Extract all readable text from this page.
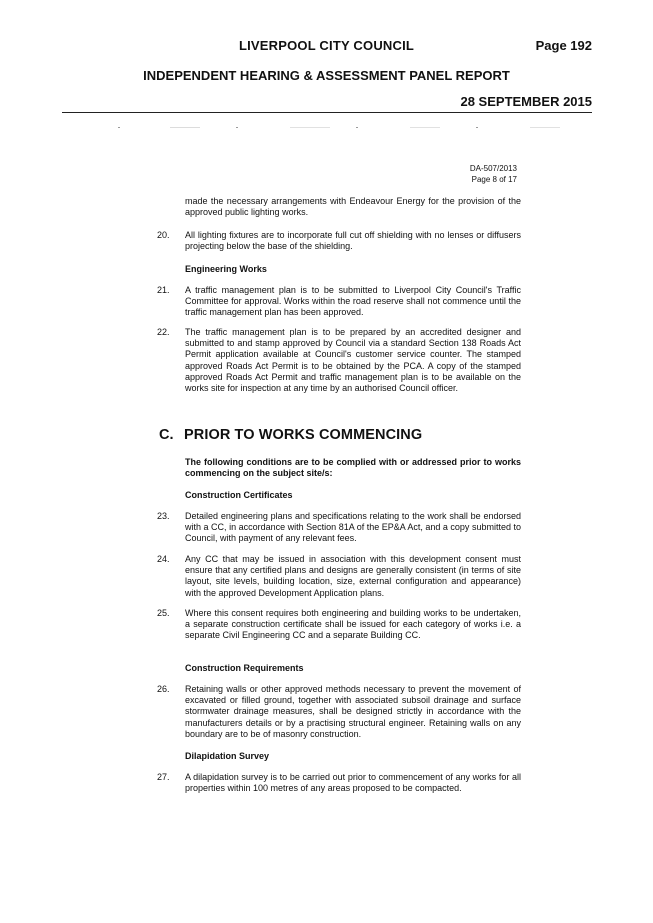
LIVERPOOL CITY COUNCIL	Page 192
INDEPENDENT HEARING & ASSESSMENT PANEL REPORT
28 SEPTEMBER 2015
DA-507/2013
Page 8 of 17
made the necessary arrangements with Endeavour Energy for the provision of the approved public lighting works.
20.	All lighting fixtures are to incorporate full cut off shielding with no lenses or diffusers projecting below the base of the shielding.
Engineering Works
21.	A traffic management plan is to be submitted to Liverpool City Council's Traffic Committee for approval. Works within the road reserve shall not commence until the traffic management plan has been approved.
22.	The traffic management plan is to be prepared by an accredited designer and submitted to and stamp approved by Council via a standard Section 138 Roads Act Permit application available at Council's customer service counter. The stamped approved Roads Act Permit is to be obtained by the PCA. A copy of the stamped approved Roads Act Permit and traffic management plan is to be available on the works site for inspection at any time by an authorised Council officer.
C. PRIOR TO WORKS COMMENCING
The following conditions are to be complied with or addressed prior to works commencing on the subject site/s:
Construction Certificates
23.	Detailed engineering plans and specifications relating to the work shall be endorsed with a CC, in accordance with Section 81A of the EP&A Act, and a copy submitted to Council, with payment of any relevant fees.
24.	Any CC that may be issued in association with this development consent must ensure that any certified plans and designs are generally consistent (in terms of site layout, site levels, building location, size, external configuration and appearance) with the approved Development Application plans.
25.	Where this consent requires both engineering and building works to be undertaken, a separate construction certificate shall be issued for each category of works i.e. a separate Civil Engineering CC and a separate Building CC.
Construction Requirements
26.	Retaining walls or other approved methods necessary to prevent the movement of excavated or filled ground, together with associated subsoil drainage and surface stormwater drainage measures, shall be designed strictly in accordance with the manufacturers details or by a practising structural engineer. Retaining walls on any boundary are to be of masonry construction.
Dilapidation Survey
27.	A dilapidation survey is to be carried out prior to commencement of any works for all properties within 100 metres of any areas proposed to be compacted.
